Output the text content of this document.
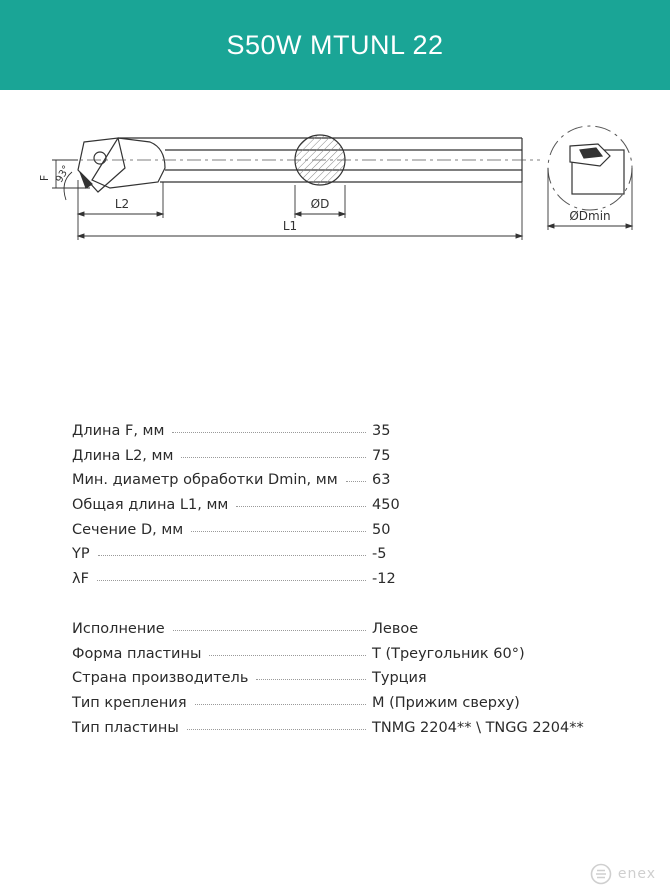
S50W MTUNL 22
ØD
L2
L1
F 93°
ØDmin
Длина F, мм	35
Длина L2, мм	75
Мин. диаметр обработки Dmin, мм 63
Общая длина L1, мм	450
Сечение D, мм	50
YP	-5
λF	-12
Исполнение	Левое
Форма пластины	T (Треугольник 60°)
Страна производитель	Турция
Тип крепления	M (Прижим сверху)
Тип пластины	TNMG 2204** \ TNGG 2204**
enex
